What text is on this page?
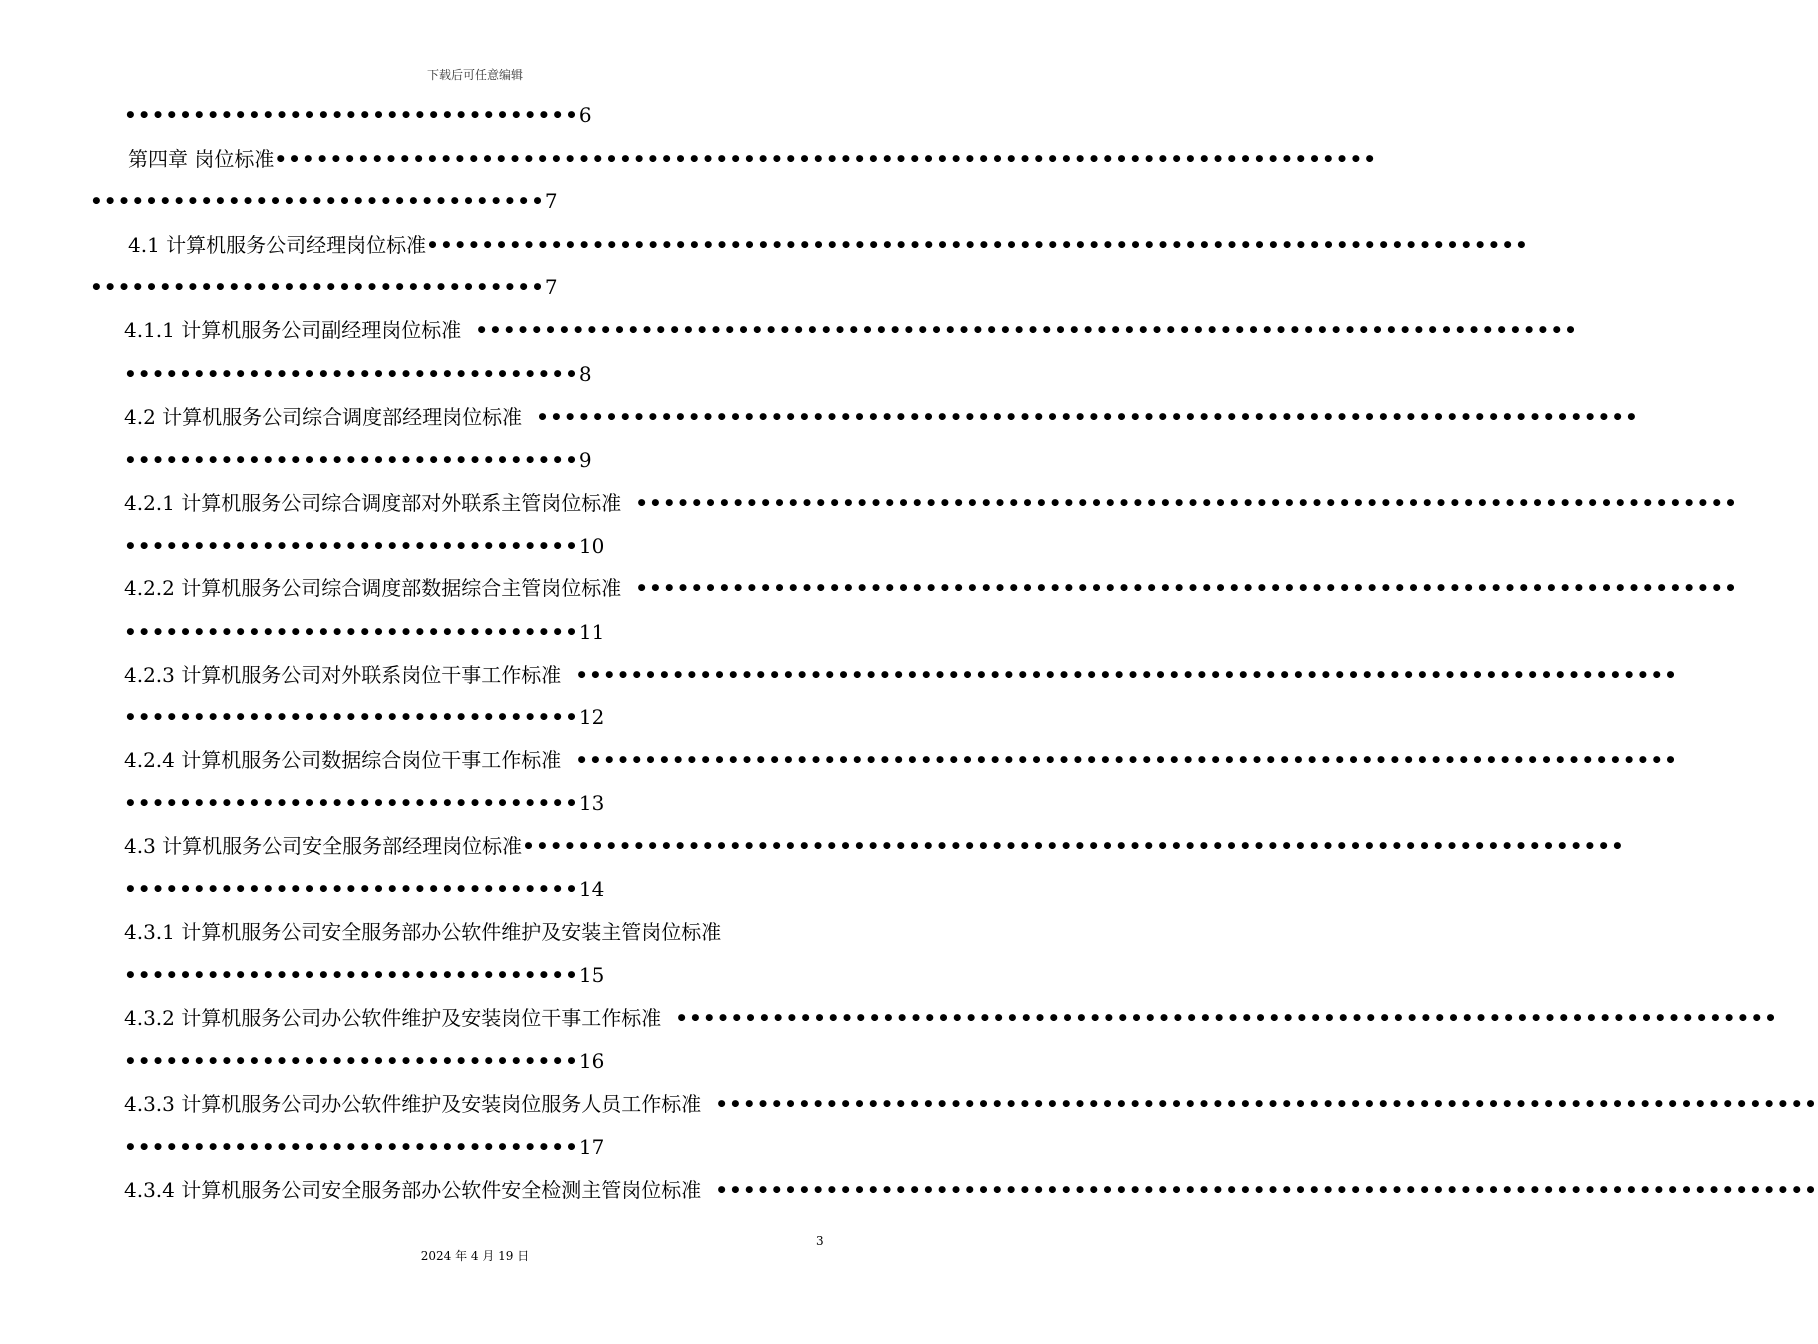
下载后可任意编辑
•••••••••••••••••••••••••••••••••6
第四章 岗位标准 ••••••••••••••••••••••••••••••••••••••••••••••••••••••••••••••••••••••••••••••••
•••••••••••••••••••••••••••••••••7
4.1 计算机服务公司经理岗位标准 ••••••••••••••••••••••••••••••••••••••••••••••••••••••••••••••••••••••••••••••••
•••••••••••••••••••••••••••••••••7
4.1.1 计算机服务公司副经理岗位标准 ••••••••••••••••••••••••••••••••••••••••••••••••••••••••••••••••••••••••••••••••
•••••••••••••••••••••••••••••••••8
4.2 计算机服务公司综合调度部经理岗位标准 ••••••••••••••••••••••••••••••••••••••••••••••••••••••••••••••••••••••••••••••••
•••••••••••••••••••••••••••••••••9
4.2.1 计算机服务公司综合调度部对外联系主管岗位标准 ••••••••••••••••••••••••••••••••••••••••••••••••••••••••••••••••••••••••••••••••
•••••••••••••••••••••••••••••••••10
4.2.2 计算机服务公司综合调度部数据综合主管岗位标准 ••••••••••••••••••••••••••••••••••••••••••••••••••••••••••••••••••••••••••••••••
•••••••••••••••••••••••••••••••••11
4.2.3 计算机服务公司对外联系岗位干事工作标准 ••••••••••••••••••••••••••••••••••••••••••••••••••••••••••••••••••••••••••••••••
•••••••••••••••••••••••••••••••••12
4.2.4 计算机服务公司数据综合岗位干事工作标准 ••••••••••••••••••••••••••••••••••••••••••••••••••••••••••••••••••••••••••••••••
•••••••••••••••••••••••••••••••••13
4.3 计算机服务公司安全服务部经理岗位标准 ••••••••••••••••••••••••••••••••••••••••••••••••••••••••••••••••••••••••••••••••
•••••••••••••••••••••••••••••••••14
4.3.1 计算机服务公司安全服务部办公软件维护及安装主管岗位标准
•••••••••••••••••••••••••••••••••15
4.3.2 计算机服务公司办公软件维护及安装岗位干事工作标准 ••••••••••••••••••••••••••••••••••••••••••••••••••••••••••••••••••••••••••••••••
•••••••••••••••••••••••••••••••••16
4.3.3 计算机服务公司办公软件维护及安装岗位服务人员工作标准 ••••••••••••••••••••••••••••••••••••••••••••••••••••••••••••••••••••••••••••••••
•••••••••••••••••••••••••••••••••17
4.3.4 计算机服务公司安全服务部办公软件安全检测主管岗位标准 ••••••••••••••••••••••••••••••••••••••••••••••••••••••••••••••••••••••••••••••••
3
2024 年 4 月 19 日
